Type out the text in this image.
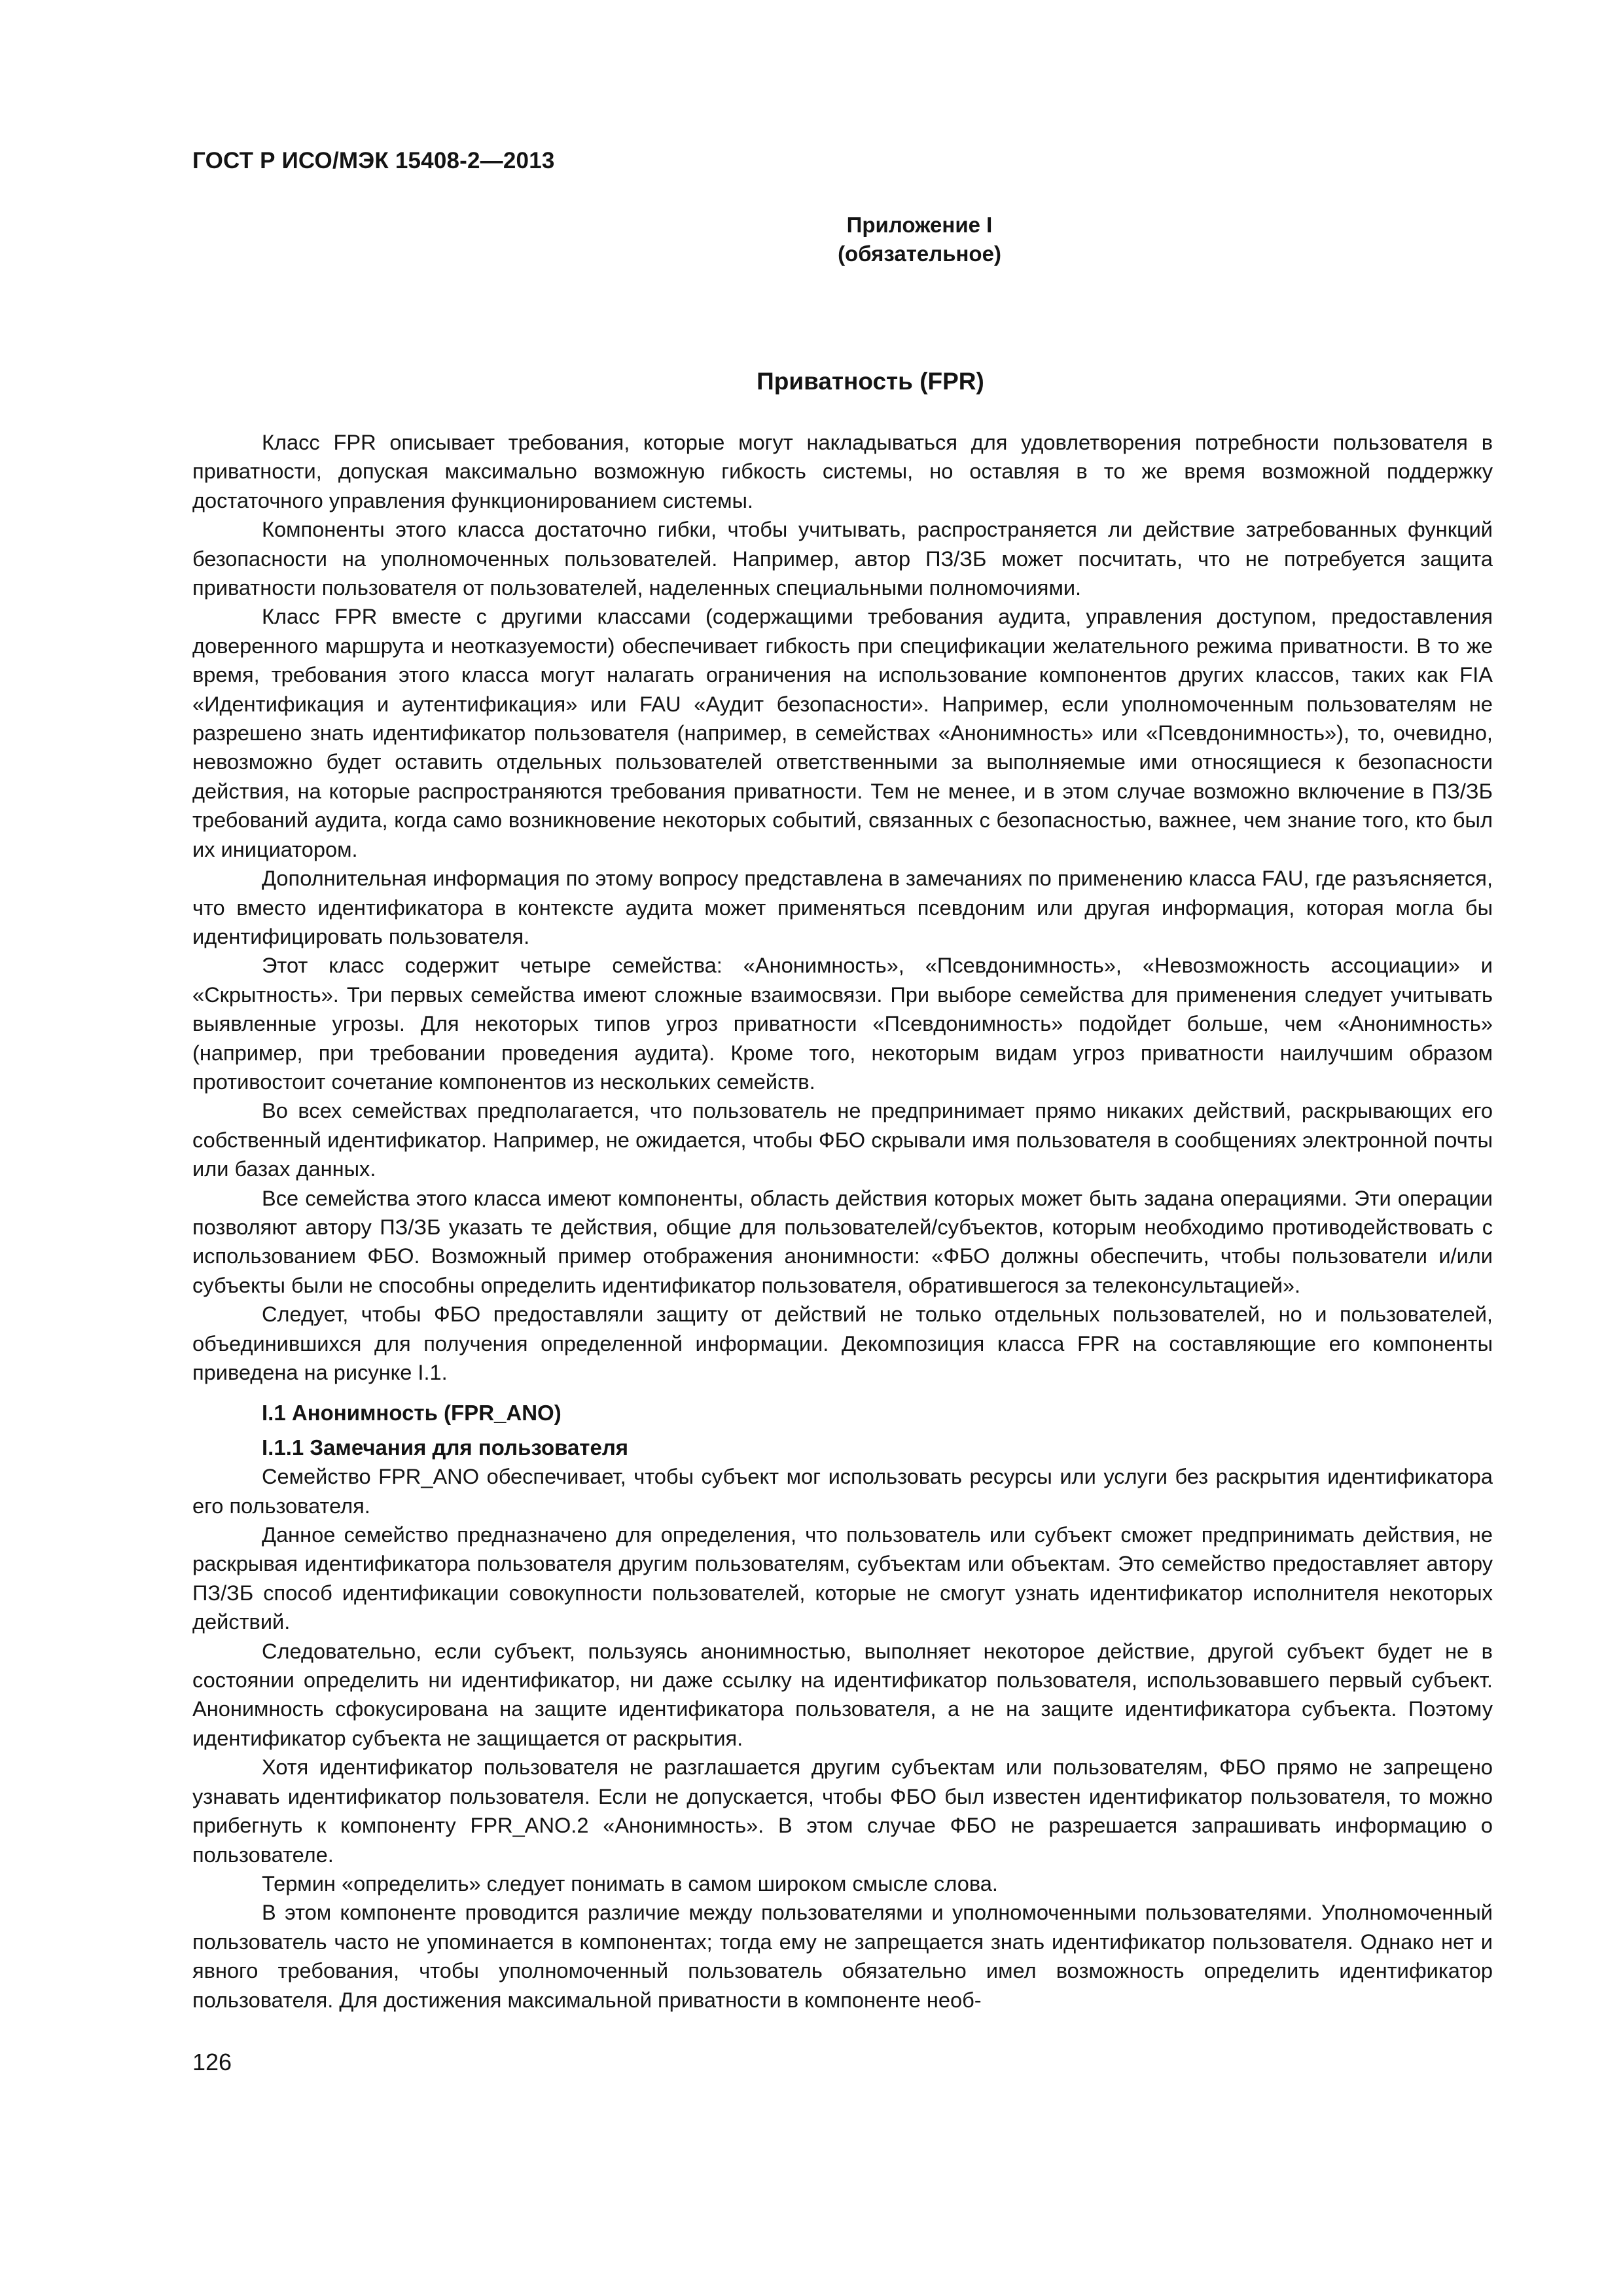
ГОСТ Р ИСО/МЭК 15408-2—2013
Приложение I
(обязательное)
Приватность (FPR)

Класс FPR описывает требования, которые могут накладываться для удовлетворения потребности пользователя в приватности, допуская максимально возможную гибкость системы, но оставляя в то же время возможной поддержку достаточного управления функционированием системы.

Компоненты этого класса достаточно гибки, чтобы учитывать, распространяется ли действие затребованных функций безопасности на уполномоченных пользователей. Например, автор ПЗ/ЗБ может посчитать, что не потребуется защита приватности пользователя от пользователей, наделенных специальными полномочиями.

Класс FPR вместе с другими классами (содержащими требования аудита, управления доступом, предоставления доверенного маршрута и неотказуемости) обеспечивает гибкость при спецификации желательного режима приватности. В то же время, требования этого класса могут налагать ограничения на использование компонентов других классов, таких как FIA «Идентификация и аутентификация» или FAU «Аудит безопасности». Например, если уполномоченным пользователям не разрешено знать идентификатор пользователя (например, в семействах «Анонимность» или «Псевдонимность»), то, очевидно, невозможно будет оставить отдельных пользователей ответственными за выполняемые ими относящиеся к безопасности действия, на которые распространяются требования приватности. Тем не менее, и в этом случае возможно включение в ПЗ/ЗБ требований аудита, когда само возникновение некоторых событий, связанных с безопасностью, важнее, чем знание того, кто был их инициатором.

Дополнительная информация по этому вопросу представлена в замечаниях по применению класса FAU, где разъясняется, что вместо идентификатора в контексте аудита может применяться псевдоним или другая информация, которая могла бы идентифицировать пользователя.

Этот класс содержит четыре семейства: «Анонимность», «Псевдонимность», «Невозможность ассоциации» и «Скрытность». Три первых семейства имеют сложные взаимосвязи. При выборе семейства для применения следует учитывать выявленные угрозы. Для некоторых типов угроз приватности «Псевдонимность» подойдет больше, чем «Анонимность» (например, при требовании проведения аудита). Кроме того, некоторым видам угроз приватности наилучшим образом противостоит сочетание компонентов из нескольких семейств.

Во всех семействах предполагается, что пользователь не предпринимает прямо никаких действий, раскрывающих его собственный идентификатор. Например, не ожидается, чтобы ФБО скрывали имя пользователя в сообщениях электронной почты или базах данных.

Все семейства этого класса имеют компоненты, область действия которых может быть задана операциями. Эти операции позволяют автору ПЗ/ЗБ указать те действия, общие для пользователей/субъектов, которым необходимо противодействовать с использованием ФБО. Возможный пример отображения анонимности: «ФБО должны обеспечить, чтобы пользователи и/или субъекты были не способны определить идентификатор пользователя, обратившегося за телеконсультацией».

Следует, чтобы ФБО предоставляли защиту от действий не только отдельных пользователей, но и пользователей, объединившихся для получения определенной информации. Декомпозиция класса FPR на составляющие его компоненты приведена на рисунке I.1.

I.1 Анонимность (FPR_ANO)
I.1.1 Замечания для пользователя

Семейство FPR_ANO обеспечивает, чтобы субъект мог использовать ресурсы или услуги без раскрытия идентификатора его пользователя.

Данное семейство предназначено для определения, что пользователь или субъект сможет предпринимать действия, не раскрывая идентификатора пользователя другим пользователям, субъектам или объектам. Это семейство предоставляет автору ПЗ/ЗБ способ идентификации совокупности пользователей, которые не смогут узнать идентификатор исполнителя некоторых действий.

Следовательно, если субъект, пользуясь анонимностью, выполняет некоторое действие, другой субъект будет не в состоянии определить ни идентификатор, ни даже ссылку на идентификатор пользователя, использовавшего первый субъект. Анонимность сфокусирована на защите идентификатора пользователя, а не на защите идентификатора субъекта. Поэтому идентификатор субъекта не защищается от раскрытия.

Хотя идентификатор пользователя не разглашается другим субъектам или пользователям, ФБО прямо не запрещено узнавать идентификатор пользователя. Если не допускается, чтобы ФБО был известен идентификатор пользователя, то можно прибегнуть к компоненту FPR_ANO.2 «Анонимность». В этом случае ФБО не разрешается запрашивать информацию о пользователе.

Термин «определить» следует понимать в самом широком смысле слова.

В этом компоненте проводится различие между пользователями и уполномоченными пользователями. Уполномоченный пользователь часто не упоминается в компонентах; тогда ему не запрещается знать идентификатор пользователя. Однако нет и явного требования, чтобы уполномоченный пользователь обязательно имел возможность определить идентификатор пользователя. Для достижения максимальной приватности в компоненте необ-

126
